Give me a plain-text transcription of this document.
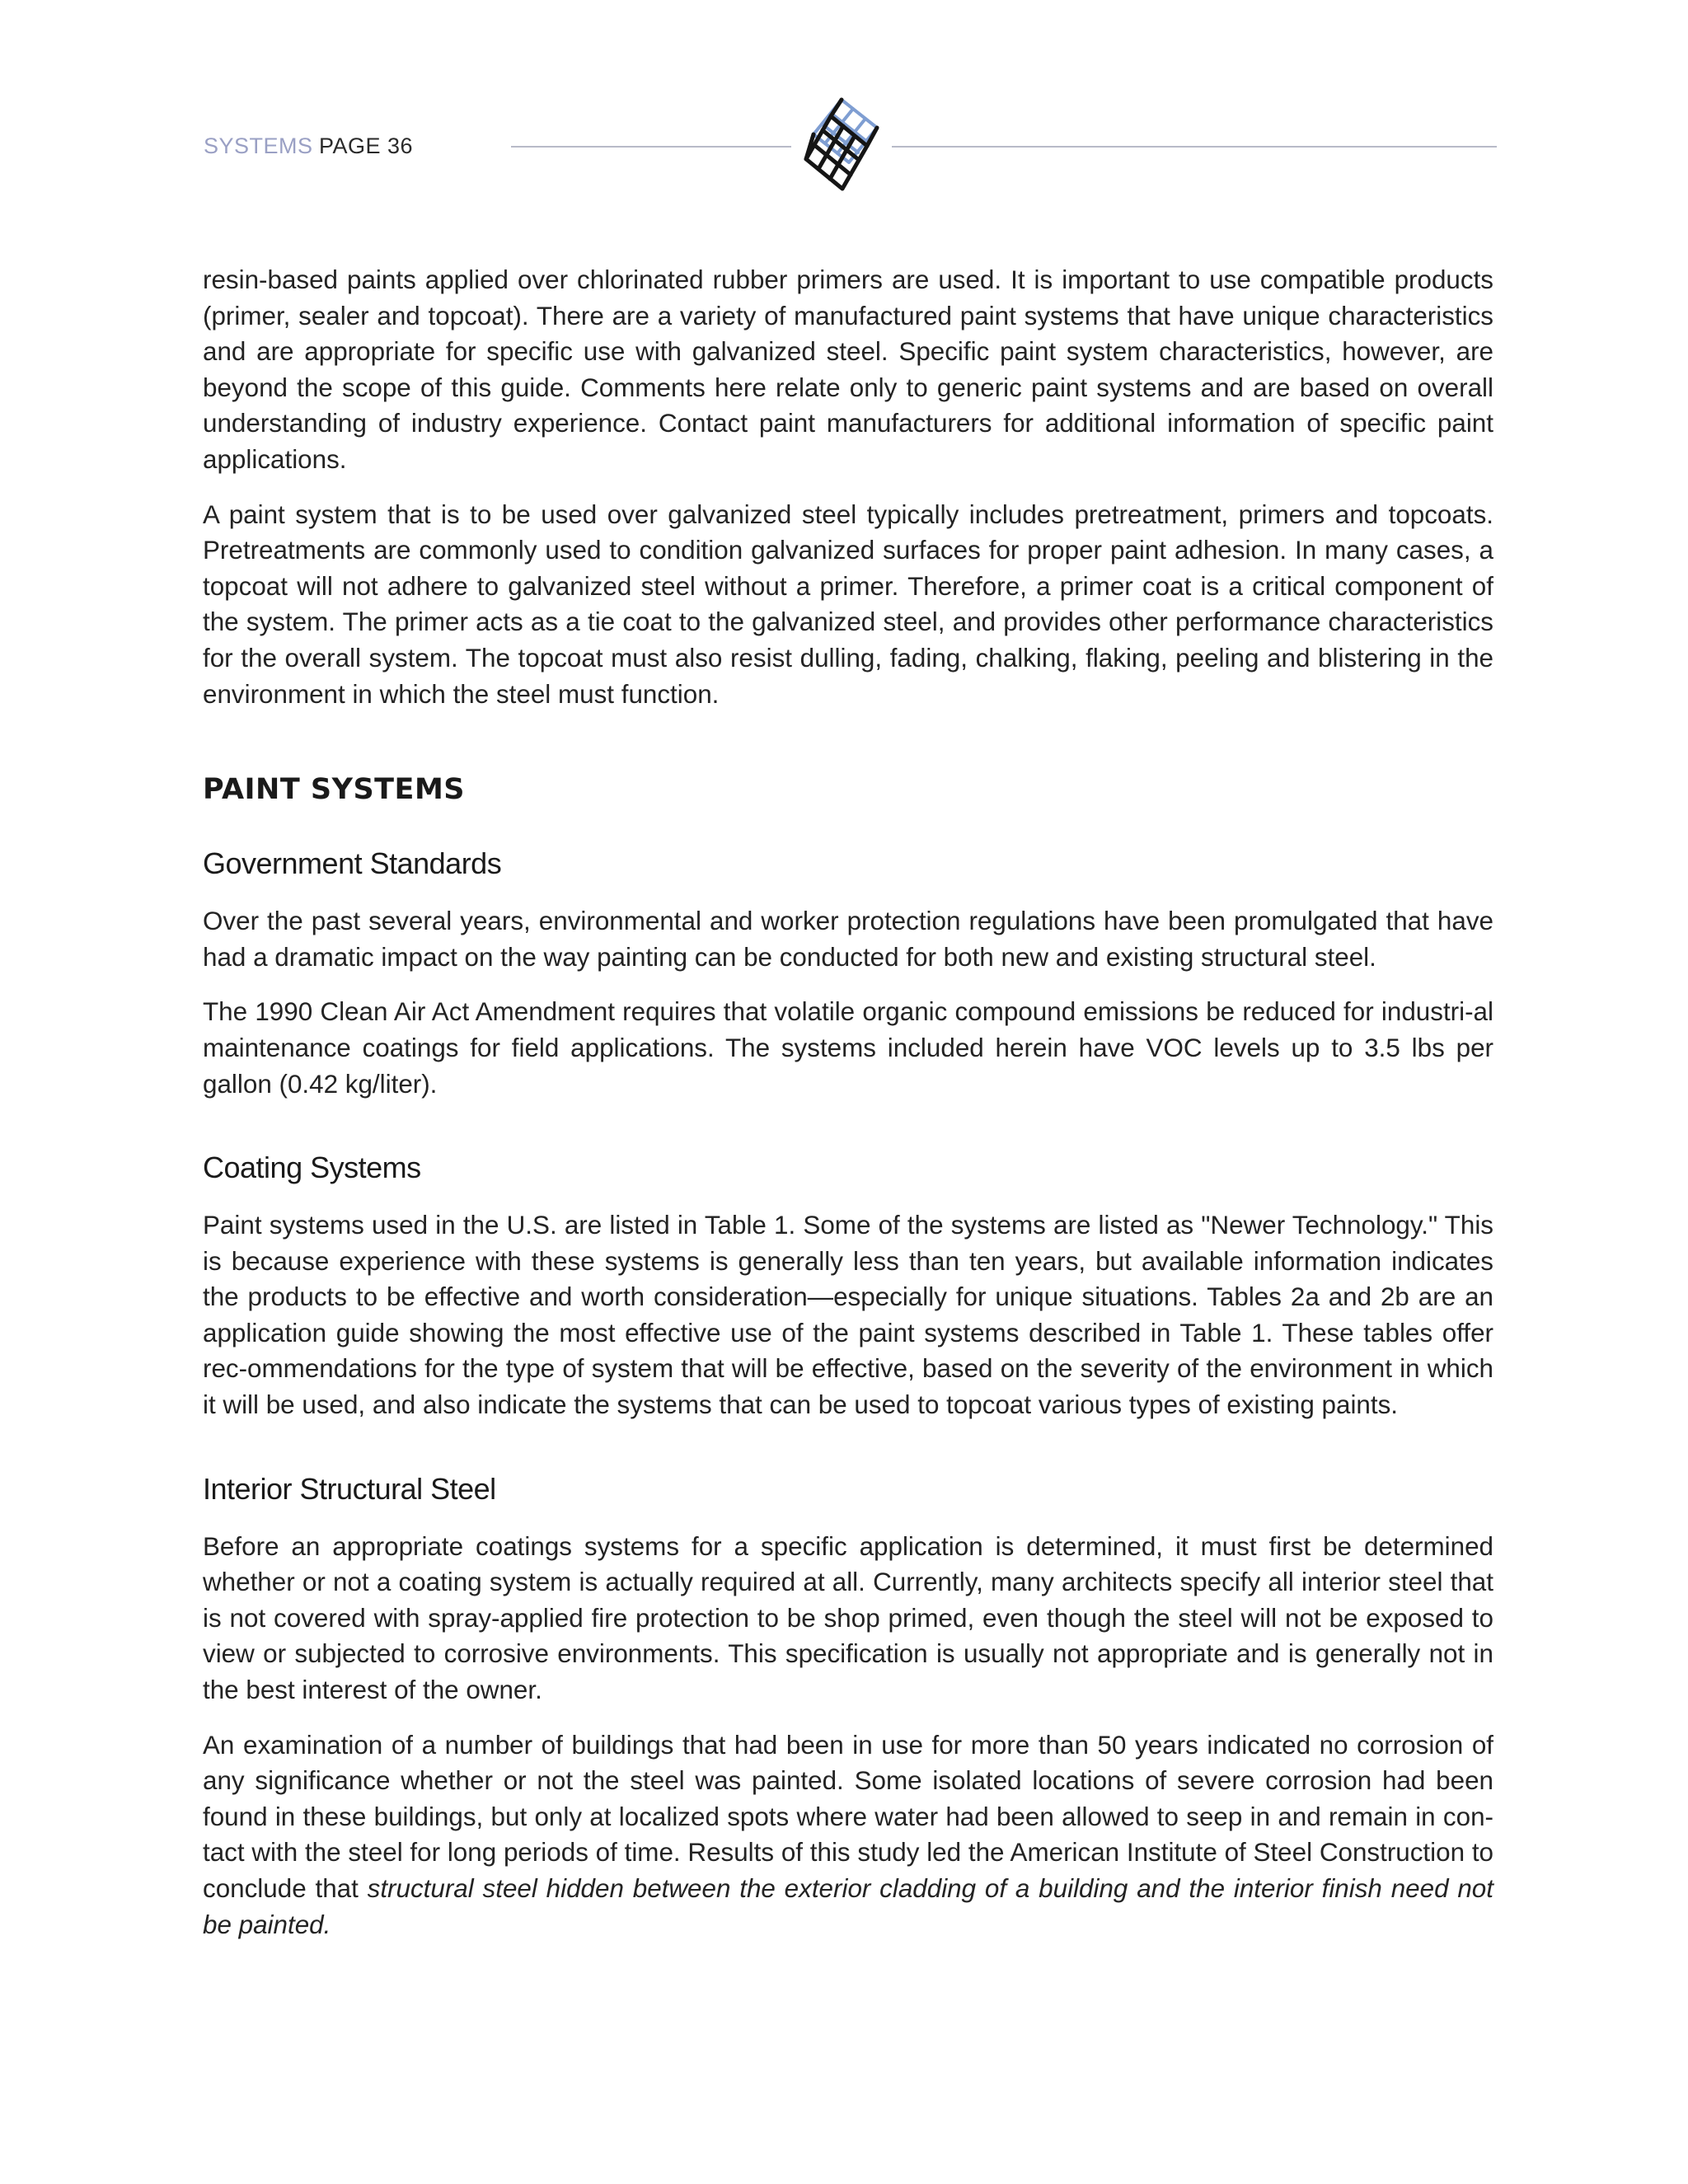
SYSTEMS PAGE 36

resin-based paints applied over chlorinated rubber primers are used. It is important to use compatible products (primer, sealer and topcoat). There are a variety of manufactured paint systems that have unique characteristics and are appropriate for specific use with galvanized steel. Specific paint system characteristics, however, are beyond the scope of this guide. Comments here relate only to generic paint systems and are based on overall understanding of industry experience. Contact paint manufacturers for additional information of specific paint applications.

A paint system that is to be used over galvanized steel typically includes pretreatment, primers and topcoats. Pretreatments are commonly used to condition galvanized surfaces for proper paint adhesion. In many cases, a topcoat will not adhere to galvanized steel without a primer. Therefore, a primer coat is a critical component of the system. The primer acts as a tie coat to the galvanized steel, and provides other performance characteristics for the overall system. The topcoat must also resist dulling, fading, chalking, flaking, peeling and blistering in the environment in which the steel must function.

PAINT SYSTEMS
Government Standards

Over the past several years, environmental and worker protection regulations have been promulgated that have had a dramatic impact on the way painting can be conducted for both new and existing structural steel.

The 1990 Clean Air Act Amendment requires that volatile organic compound emissions be reduced for industri-al maintenance coatings for field applications. The systems included herein have VOC levels up to 3.5 lbs per gallon (0.42 kg/liter).

Coating Systems

Paint systems used in the U.S. are listed in Table 1. Some of the systems are listed as "Newer Technology." This is because experience with these systems is generally less than ten years, but available information indicates the products to be effective and worth consideration—especially for unique situations. Tables 2a and 2b are an application guide showing the most effective use of the paint systems described in Table 1. These tables offer rec-ommendations for the type of system that will be effective, based on the severity of the environment in which it will be used, and also indicate the systems that can be used to topcoat various types of existing paints.

Interior Structural Steel

Before an appropriate coatings systems for a specific application is determined, it must first be determined whether or not a coating system is actually required at all. Currently, many architects specify all interior steel that is not covered with spray-applied fire protection to be shop primed, even though the steel will not be exposed to view or subjected to corrosive environments. This specification is usually not appropriate and is generally not in the best interest of the owner.

An examination of a number of buildings that had been in use for more than 50 years indicated no corrosion of any significance whether or not the steel was painted. Some isolated locations of severe corrosion had been found in these buildings, but only at localized spots where water had been allowed to seep in and remain in con-tact with the steel for long periods of time. Results of this study led the American Institute of Steel Construction to conclude that structural steel hidden between the exterior cladding of a building and the interior finish need not be painted.
